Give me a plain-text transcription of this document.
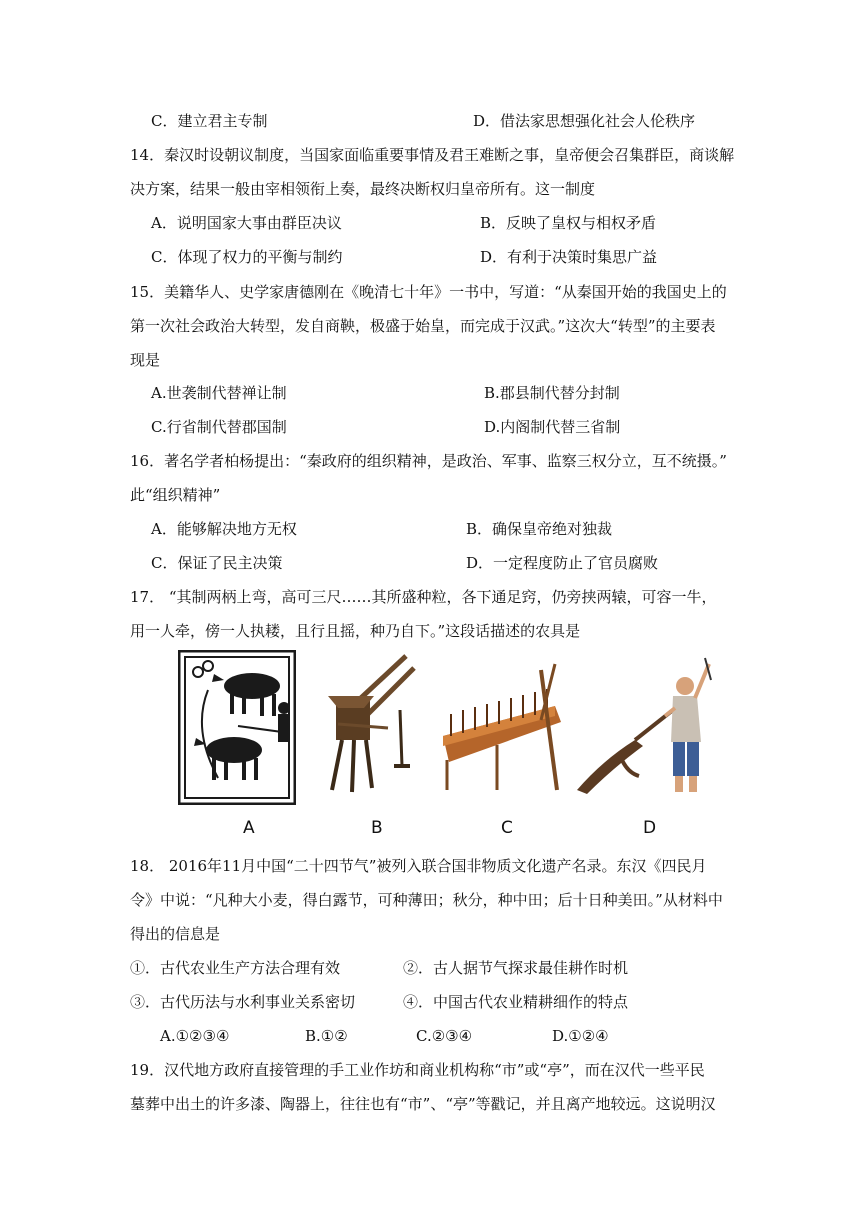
C．建立君主专制	D．借法家思想强化社会人伦秩序
14．秦汉时设朝议制度，当国家面临重要事情及君王难断之事，皇帝便会召集群臣，商谈解
决方案，结果一般由宰相领衔上奏，最终决断权归皇帝所有。这一制度
A．说明国家大事由群臣决议	B．反映了皇权与相权矛盾
C．体现了权力的平衡与制约	D．有利于决策时集思广益
15．美籍华人、史学家唐德刚在《晚清七十年》一书中，写道：“从秦国开始的我国史上的
第一次社会政治大转型，发自商鞅，极盛于始皇，而完成于汉武。”这次大“转型”的主要表
现是
A.世袭制代替禅让制	B.郡县制代替分封制
C.行省制代替郡国制	D.内阁制代替三省制
16．著名学者柏杨提出：“秦政府的组织精神，是政治、军事、监察三权分立，互不统摄。”
此“组织精神”
A．能够解决地方无权	B．确保皇帝绝对独裁
C．保证了民主决策	D．一定程度防止了官员腐败
17． “其制两柄上弯，高可三尺……其所盛种粒，各下通足窍，仍旁挟两辕，可容一牛，
用一人牵，傍一人执耧，且行且摇，种乃自下。”这段话描述的农具是
A	B	C	D
18． 2016年11月中国“二十四节气”被列入联合国非物质文化遗产名录。东汉《四民月
令》中说：“凡种大小麦，得白露节，可种薄田；秋分，种中田；后十日种美田。”从材料中
得出的信息是
①．古代农业生产方法合理有效	②．古人据节气探求最佳耕作时机
③．古代历法与水利事业关系密切	④．中国古代农业精耕细作的特点
A.①②③④	B.①②	C.②③④	D.①②④
19．汉代地方政府直接管理的手工业作坊和商业机构称“市”或“亭”，而在汉代一些平民
墓葬中出土的许多漆、陶器上，往往也有“市”、“亭”等戳记，并且离产地较远。这说明汉
